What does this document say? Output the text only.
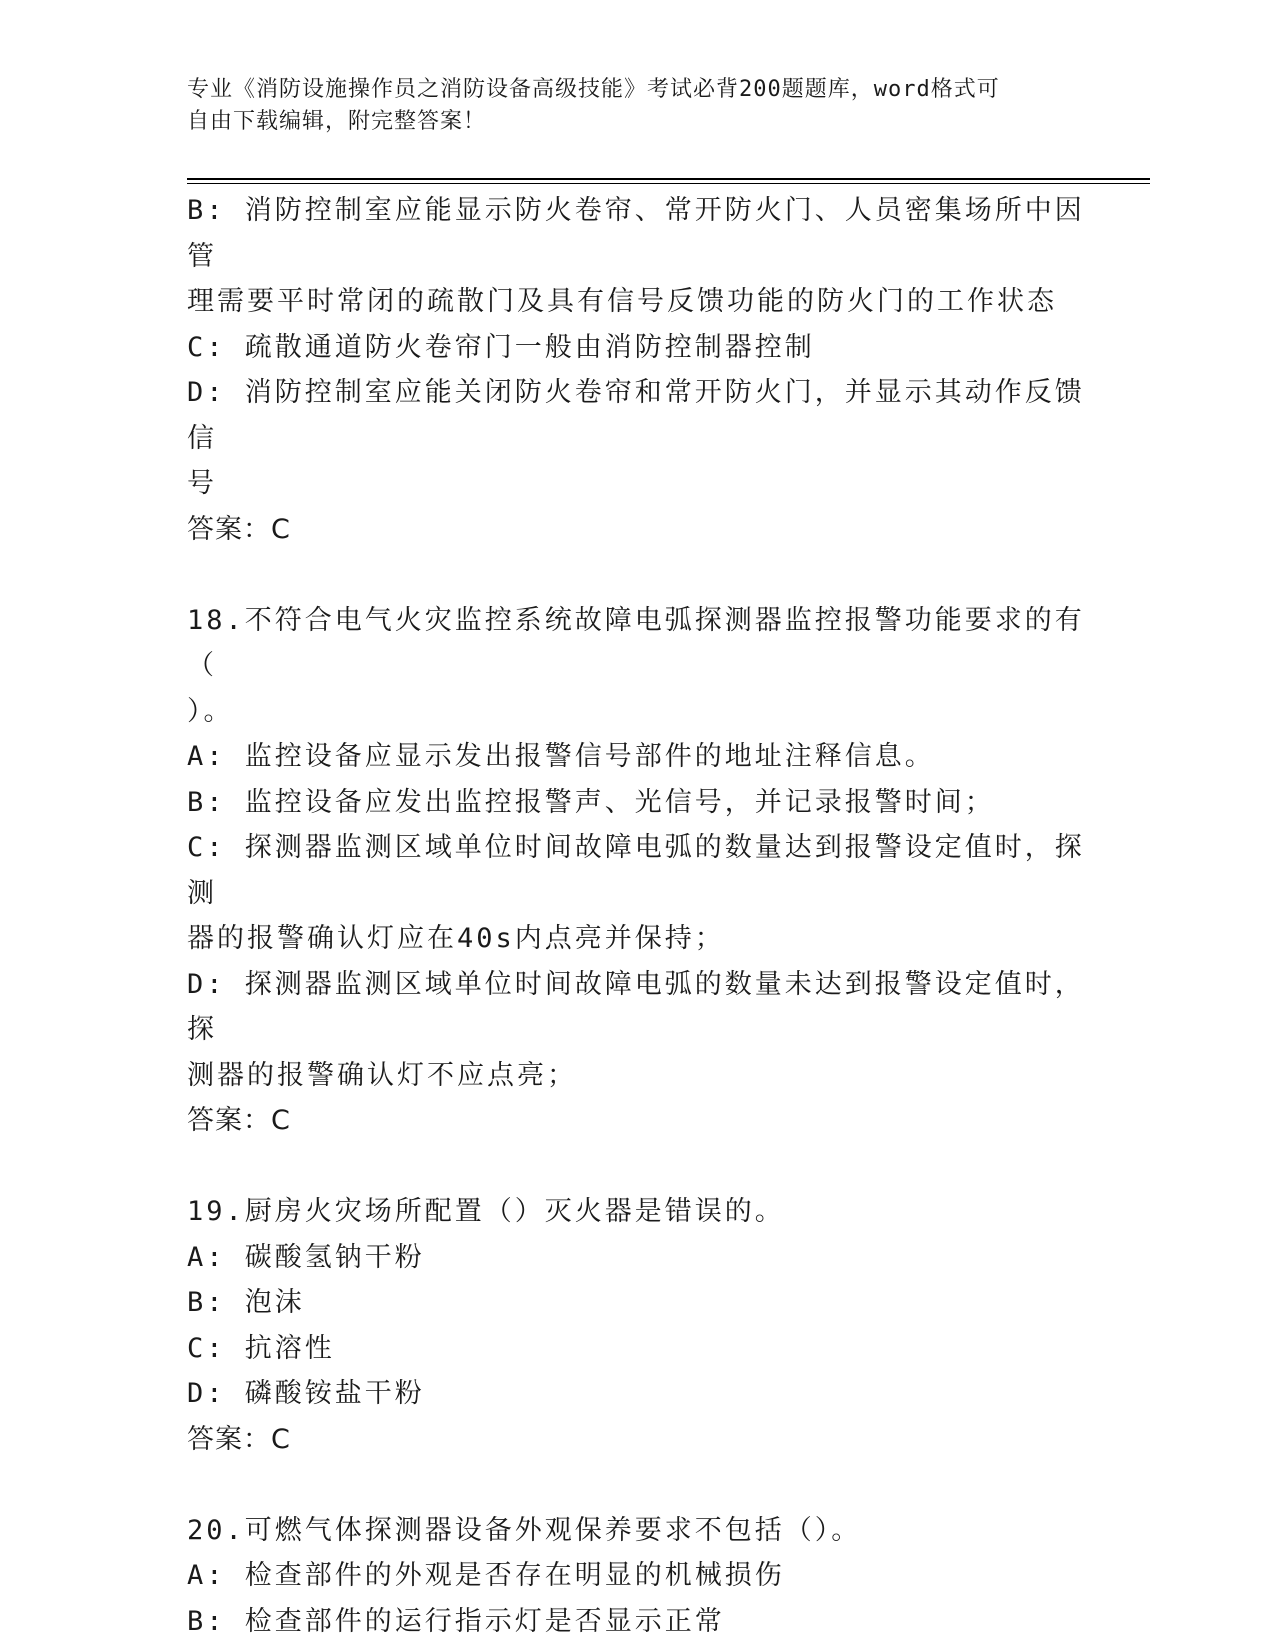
专业《消防设施操作员之消防设备高级技能》考试必背200题题库，word格式可
自由下载编辑，附完整答案！
B: 消防控制室应能显示防火卷帘、常开防火门、人员密集场所中因管
理需要平时常闭的疏散门及具有信号反馈功能的防火门的工作状态
C: 疏散通道防火卷帘门一般由消防控制器控制
D: 消防控制室应能关闭防火卷帘和常开防火门，并显示其动作反馈信
号
答案：C
18.不符合电气火灾监控系统故障电弧探测器监控报警功能要求的有（
）。
A: 监控设备应显示发出报警信号部件的地址注释信息。
B: 监控设备应发出监控报警声、光信号，并记录报警时间；
C: 探测器监测区域单位时间故障电弧的数量达到报警设定值时，探测
器的报警确认灯应在40s内点亮并保持；
D: 探测器监测区域单位时间故障电弧的数量未达到报警设定值时，探
测器的报警确认灯不应点亮；
答案：C
19.厨房火灾场所配置（）灭火器是错误的。
A: 碳酸氢钠干粉
B: 泡沫
C: 抗溶性
D: 磷酸铵盐干粉
答案：C
20.可燃气体探测器设备外观保养要求不包括（）。
A: 检查部件的外观是否存在明显的机械损伤
B: 检查部件的运行指示灯是否显示正常
